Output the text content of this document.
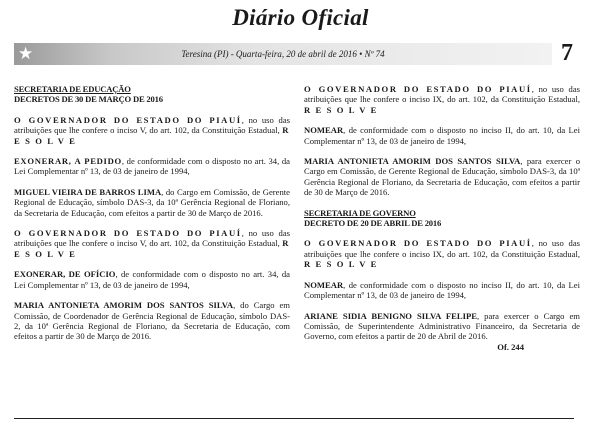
Diário Oficial
★	Teresina (PI) - Quarta-feira, 20 de abril de 2016 • Nº 74	7
SECRETARIA DE EDUCAÇÃO
DECRETOS DE 30 DE MARÇO DE 2016
O GOVERNADOR DO ESTADO DO PIAUÍ, no uso das atribuições que lhe confere o inciso V, do art. 102, da Constituição Estadual, R E S O L V E
EXONERAR, A PEDIDO, de conformidade com o disposto no art. 34, da Lei Complementar nº 13, de 03 de janeiro de 1994,
MIGUEL VIEIRA DE BARROS LIMA, do Cargo em Comissão, de Gerente Regional de Educação, símbolo DAS-3, da 10ª Gerência Regional de Floriano, da Secretaria de Educação, com efeitos a partir de 30 de Março de 2016.
O GOVERNADOR DO ESTADO DO PIAUÍ, no uso das atribuições que lhe confere o inciso V, do art. 102, da Constituição Estadual, R E S O L V E
EXONERAR, DE OFÍCIO, de conformidade com o disposto no art. 34, da Lei Complementar nº 13, de 03 de janeiro de 1994,
MARIA ANTONIETA AMORIM DOS SANTOS SILVA, do Cargo em Comissão, de Coordenador de Gerência Regional de Educação, símbolo DAS-2, da 10ª Gerência Regional de Floriano, da Secretaria de Educação, com efeitos a partir de 30 de Março de 2016.
O GOVERNADOR DO ESTADO DO PIAUÍ, no uso das atribuições que lhe confere o inciso IX, do art. 102, da Constituição Estadual, R E S O L V E
NOMEAR, de conformidade com o disposto no inciso II, do art. 10, da Lei Complementar nº 13, de 03 de janeiro de 1994,
MARIA ANTONIETA AMORIM DOS SANTOS SILVA, para exercer o Cargo em Comissão, de Gerente Regional de Educação, símbolo DAS-3, da 10ª Gerência Regional de Floriano, da Secretaria de Educação, com efeitos a partir de 30 de Março de 2016.
SECRETARIA DE GOVERNO
DECRETO DE 20 DE ABRIL DE 2016
O GOVERNADOR DO ESTADO DO PIAUÍ, no uso das atribuições que lhe confere o inciso IX, do art. 102, da Constituição Estadual, R E S O L V E
NOMEAR, de conformidade com o disposto no inciso II, do art. 10, da Lei Complementar nº 13, de 03 de janeiro de 1994,
ARIANE SIDIA BENIGNO SILVA FELIPE, para exercer o Cargo em Comissão, de Superintendente Administrativo Financeiro, da Secretaria de Governo, com efeitos a partir de 20 de Abril de 2016.
Of. 244
